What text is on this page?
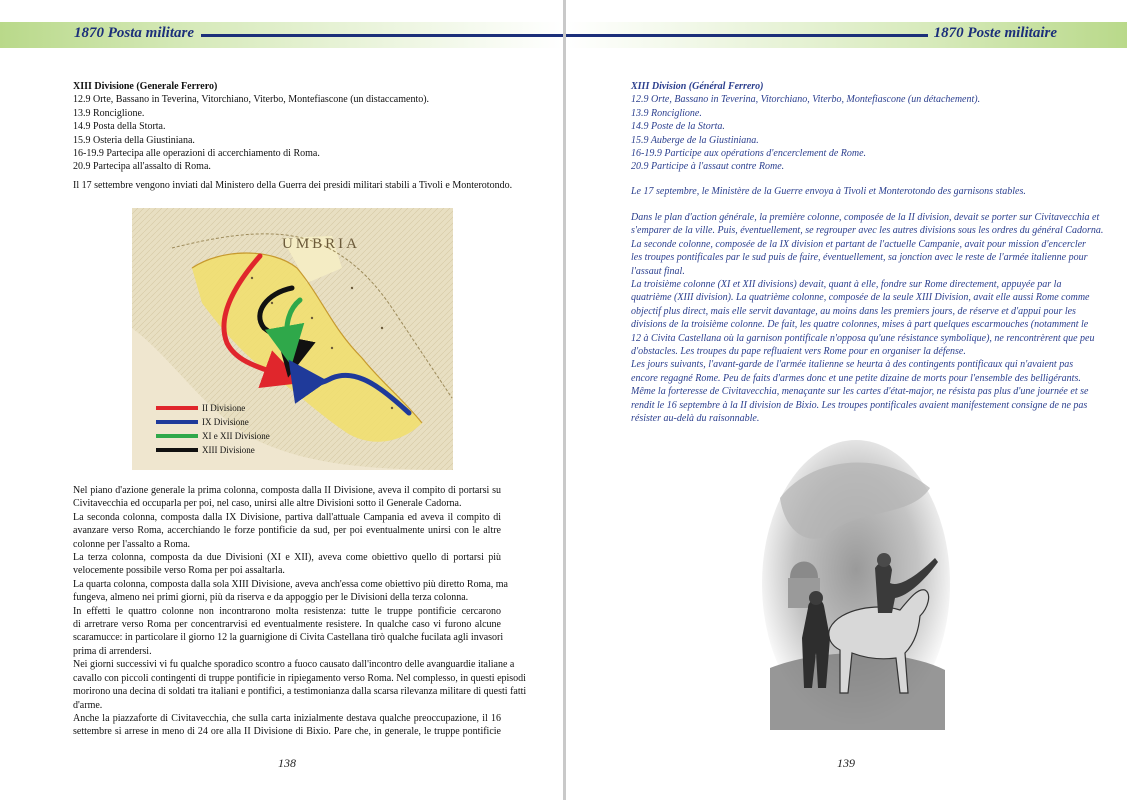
1870 Posta militare
XIII Divisione (Generale Ferrero)
12.9 Orte, Bassano in Teverina, Vitorchiano, Viterbo, Montefiascone (un distaccamento).
13.9 Ronciglione.
14.9 Posta della Storta.
15.9 Osteria della Giustiniana.
16-19.9 Partecipa alle operazioni di accerchiamento di Roma.
20.9 Partecipa all'assalto di Roma.
Il 17 settembre vengono inviati dal Ministero della Guerra dei presidi militari stabili a Tivoli e Monterotondo.
UMBRIA
II Divisione
IX Divisione
XI e XII Divisione
XIII Divisione
Nel piano d'azione generale la prima colonna, composta dalla II Divisione, aveva il compito di portarsi su
Civitavecchia ed occuparla per poi, nel caso, unirsi alle altre Divisioni sotto il Generale Cadorna.
La seconda colonna, composta dalla IX Divisione, partiva dall'attuale Campania ed aveva il compito di
avanzare verso Roma, accerchiando le forze pontificie da sud, per poi eventualmente unirsi con le altre
colonne per l'assalto a Roma.
La terza colonna, composta da due Divisioni (XI e XII), aveva come obiettivo quello di portarsi più
velocemente possibile verso Roma per poi assaltarla.
La quarta colonna, composta dalla sola XIII Divisione, aveva anch'essa come obiettivo più diretto Roma, ma
fungeva, almeno nei primi giorni, più da riserva e da appoggio per le Divisioni della terza colonna.
In effetti le quattro colonne non incontrarono molta resistenza: tutte le truppe pontificie cercarono
di arretrare verso Roma per concentrarvisi ed eventualmente resistere. In qualche caso vi furono alcune
scaramucce: in particolare il giorno 12 la guarnigione di Civita Castellana tirò qualche fucilata agli invasori
prima di arrendersi.
Nei giorni successivi vi fu qualche sporadico scontro a fuoco causato dall'incontro delle avanguardie italiane a
cavallo con piccoli contingenti di truppe pontificie in ripiegamento verso Roma. Nel complesso, in questi episodi
morirono una decina di soldati tra italiani e pontifici, a testimonianza dalla scarsa rilevanza militare di questi fatti
d'arme.
Anche la piazzaforte di Civitavecchia, che sulla carta inizialmente destava qualche preoccupazione, il 16
settembre si arrese in meno di 24 ore alla II Divisione di Bixio. Pare che, in generale, le truppe pontificie
138
1870 Poste militaire
XIII Division (Général Ferrero)
12.9 Orte, Bassano in Teverina, Vitorchiano, Viterbo, Montefiascone (un détachement).
13.9 Ronciglione.
14.9 Poste de la Storta.
15.9 Auberge de la Giustiniana.
16-19.9 Participe aux opérations d'encerclement de Rome.
20.9 Participe à l'assaut contre Rome.
Le 17 septembre, le Ministère de la Guerre envoya à Tivoli et Monterotondo des garnisons stables.
Dans le plan d'action générale, la première colonne, composée de la II division, devait se porter sur Civitavecchia et
s'emparer de la ville. Puis, éventuellement, se regrouper avec les autres divisions sous les ordres du général Cadorna.
La seconde colonne, composée de la IX division et partant de l'actuelle Campanie, avait pour mission d'encercler
les troupes pontificales par le sud puis de faire, éventuellement, sa jonction avec le reste de l'armée italienne pour
l'assaut final.
La troisième colonne (XI et XII divisions) devait, quant à elle, fondre sur Rome directement, appuyée par la
quatrième (XIII division). La quatrième colonne, composée de la seule XIII Division, avait elle aussi Rome comme
objectif plus direct, mais elle servit davantage, au moins dans les premiers jours, de réserve et d'appui pour les
divisions de la troisième colonne. De fait, les quatre colonnes, mises à part quelques escarmouches (notamment le
12 à Civita Castellana où la garnison pontificale n'opposa qu'une résistance symbolique), ne rencontrèrent que peu
d'obstacles. Les troupes du pape refluaient vers Rome pour en organiser la défense.
Les jours suivants, l'avant-garde de l'armée italienne se heurta à des contingents pontificaux qui n'avaient pas
encore regagné Rome. Peu de faits d'armes donc et une petite dizaine de morts pour l'ensemble des belligérants.
Même la forteresse de Civitavecchia, menaçante sur les cartes d'état-major, ne résista pas plus d'une journée et se
rendit le 16 septembre à la II division de Bixio. Les troupes pontificales avaient manifestement consigne de ne pas
résister au-delà du raisonnable.
139
